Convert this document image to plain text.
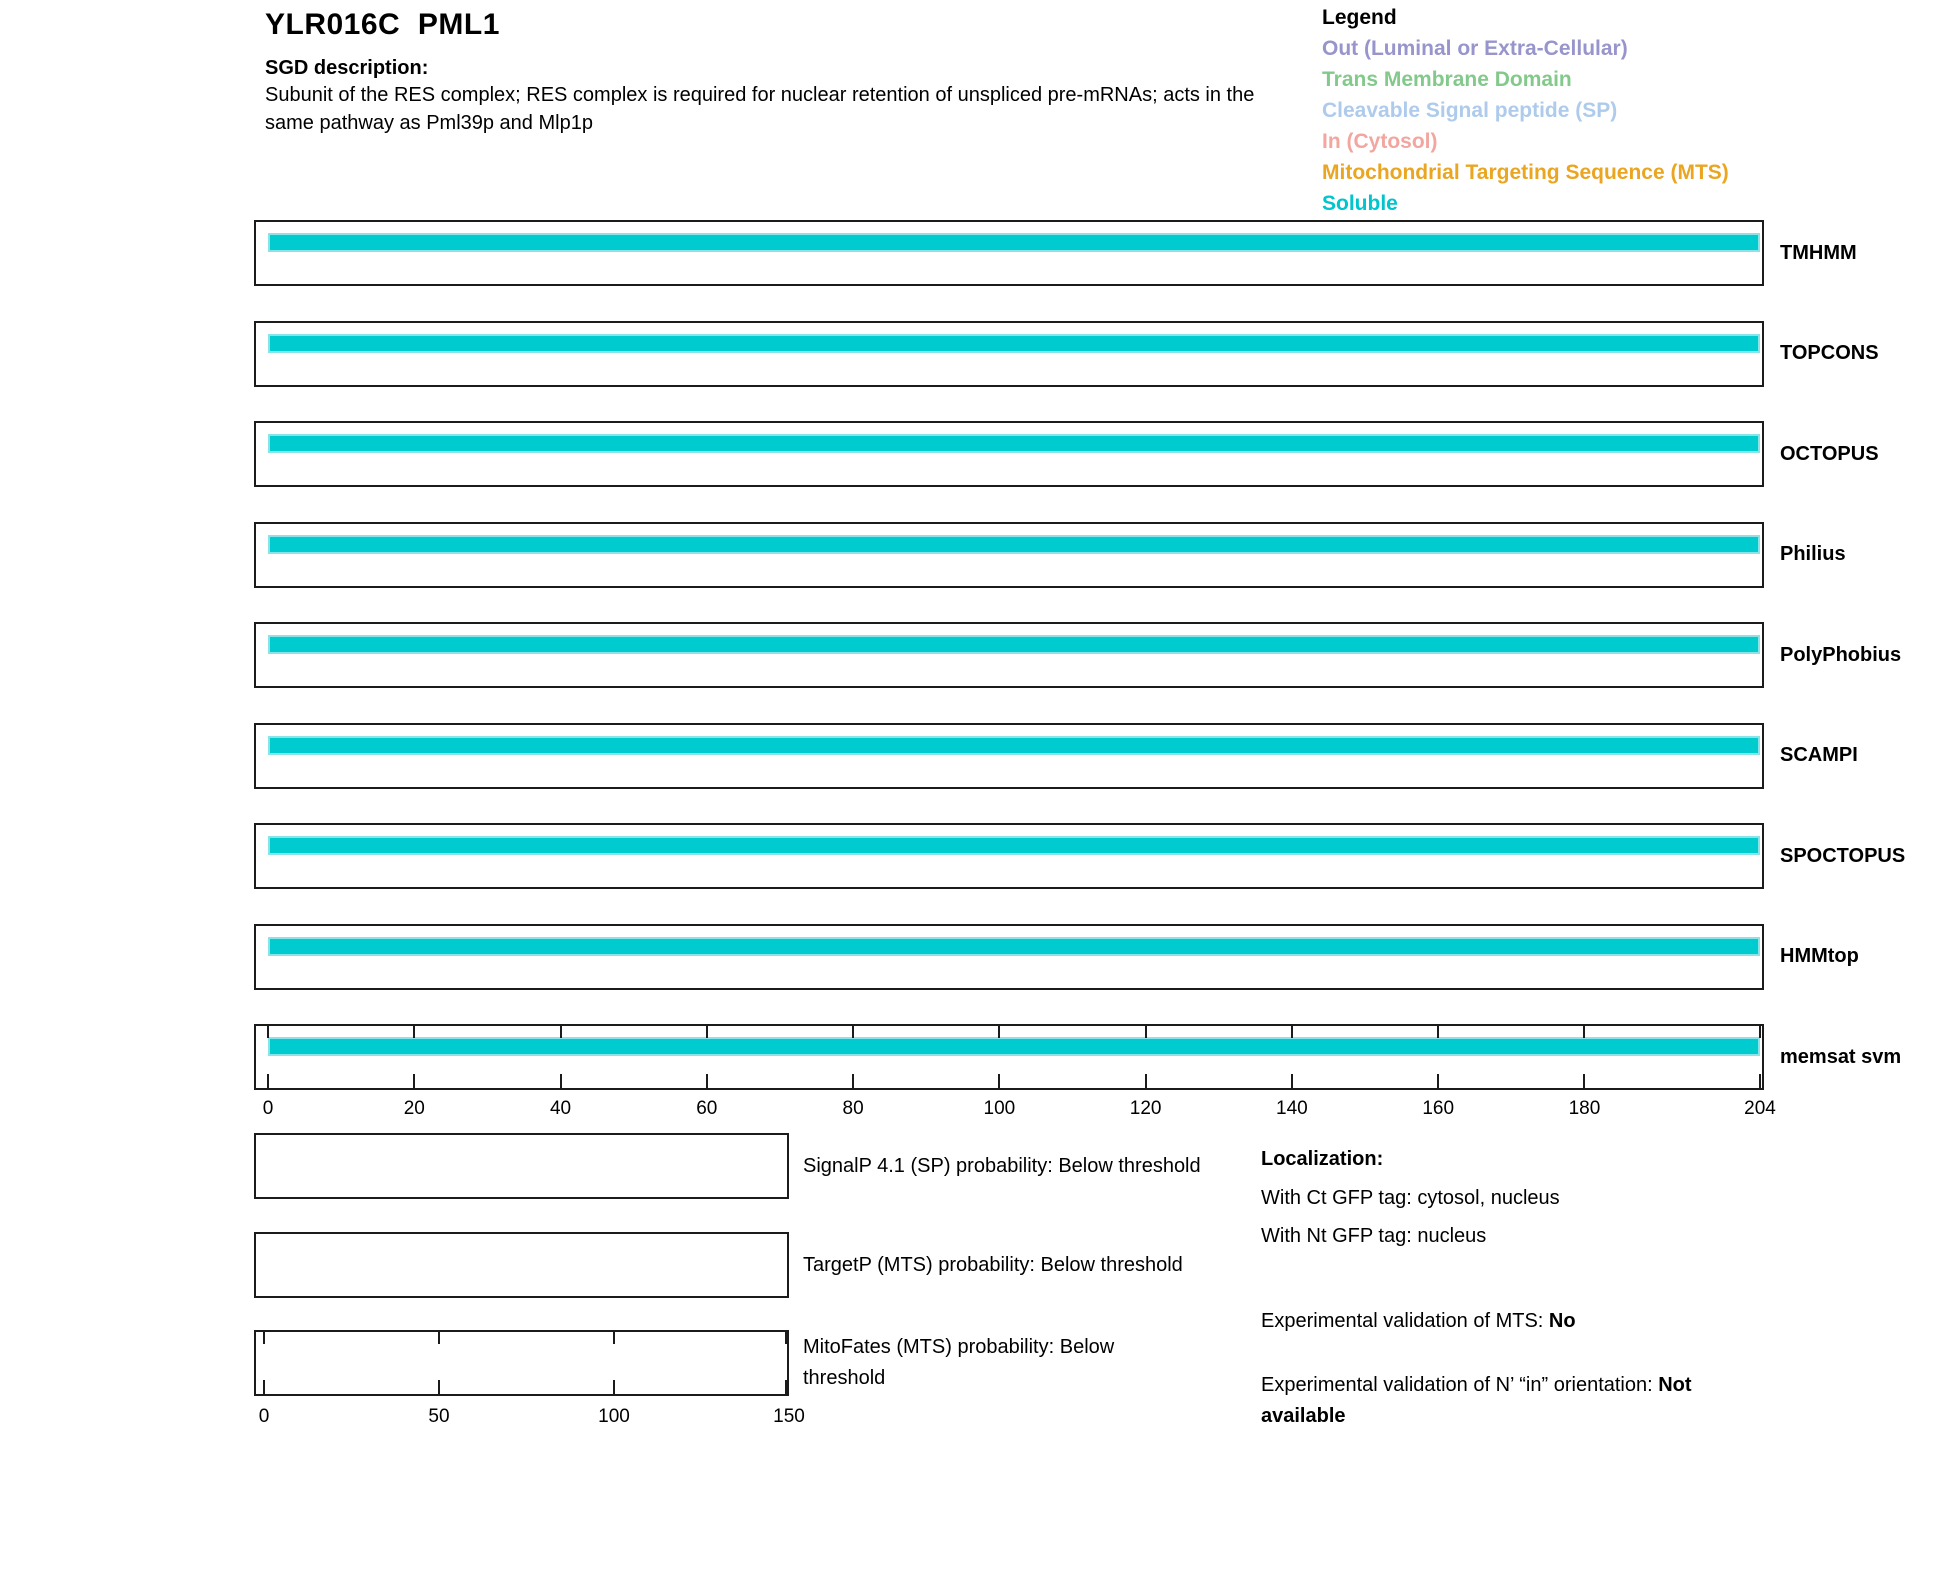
YLR016C  PML1
SGD description:
Subunit of the RES complex; RES complex is required for nuclear retention of unspliced pre-mRNAs; acts in the same pathway as Pml39p and Mlp1p
Legend
Out (Luminal or Extra-Cellular)
Trans Membrane Domain
Cleavable Signal peptide (SP)
In (Cytosol)
Mitochondrial Targeting Sequence (MTS)
Soluble
TMHMM
TOPCONS
OCTOPUS
Philius
PolyPhobius
SCAMPI
SPOCTOPUS
HMMtop
memsat svm
0	20	40	60	80	100	120	140	160	180	204
SignalP 4.1 (SP) probability: Below threshold
TargetP (MTS) probability: Below threshold
0	50	100	150
MitoFates (MTS) probability: Below threshold
Localization:
With Ct GFP tag: cytosol, nucleus
With Nt GFP tag: nucleus
Experimental validation of MTS: No
Experimental validation of N’ “in” orientation: Not available
